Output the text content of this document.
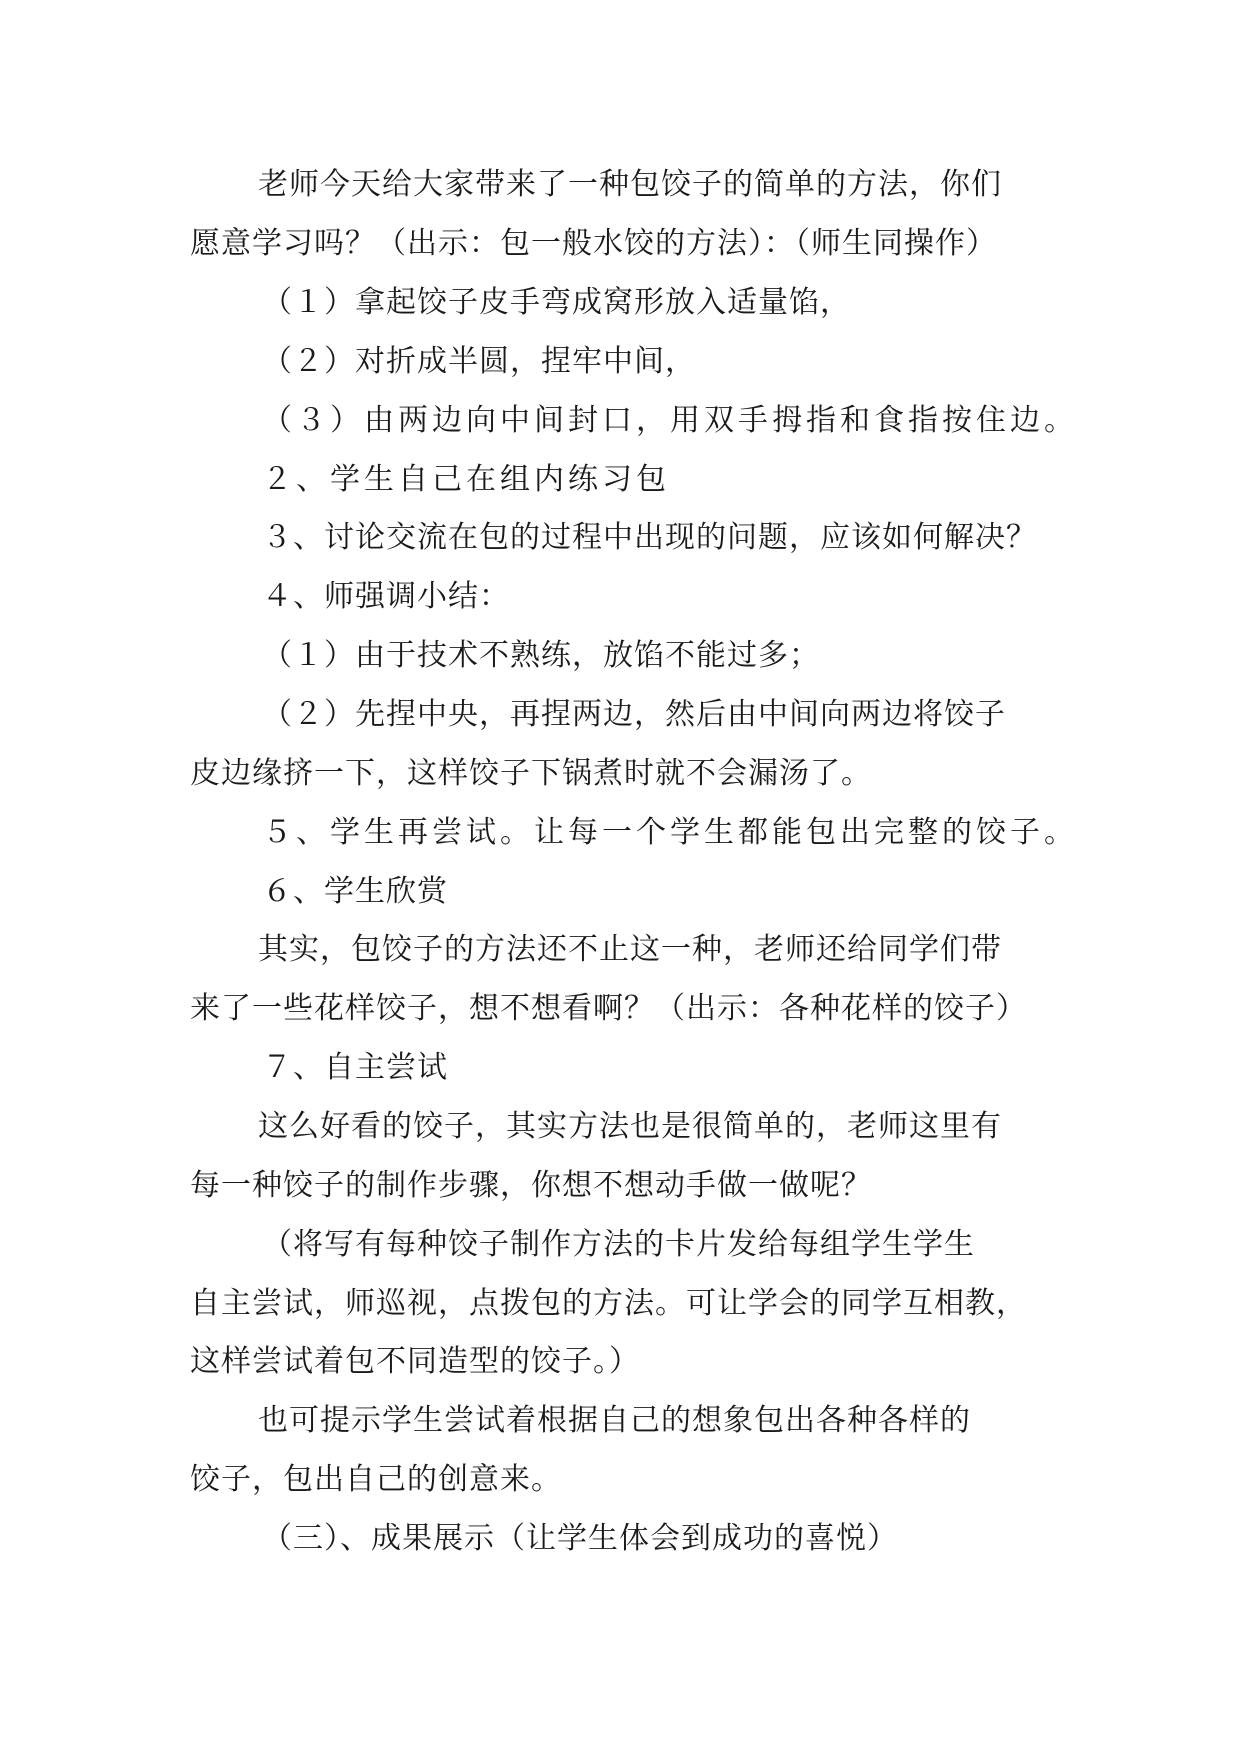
老师今天给大家带来了一种包饺子的简单的方法，你们
愿意学习吗？（出示：包一般水饺的方法）：（师生同操作）
（１）拿起饺子皮手弯成窝形放入适量馅，
（２）对折成半圆，捏牢中间，
（３）由两边向中间封口，用双手拇指和食指按住边。
２、学生自己在组内练习包
３、讨论交流在包的过程中出现的问题，应该如何解决？
４、师强调小结：
（１）由于技术不熟练，放馅不能过多；
（２）先捏中央，再捏两边，然后由中间向两边将饺子
皮边缘挤一下，这样饺子下锅煮时就不会漏汤了。
５、学生再尝试。让每一个学生都能包出完整的饺子。
６、学生欣赏
其实，包饺子的方法还不止这一种，老师还给同学们带
来了一些花样饺子，想不想看啊？（出示：各种花样的饺子）
７、自主尝试
这么好看的饺子，其实方法也是很简单的，老师这里有
每一种饺子的制作步骤，你想不想动手做一做呢？
（将写有每种饺子制作方法的卡片发给每组学生学生
自主尝试，师巡视，点拨包的方法。可让学会的同学互相教，
这样尝试着包不同造型的饺子。）
也可提示学生尝试着根据自己的想象包出各种各样的
饺子，包出自己的创意来。
（三）、成果展示（让学生体会到成功的喜悦）
